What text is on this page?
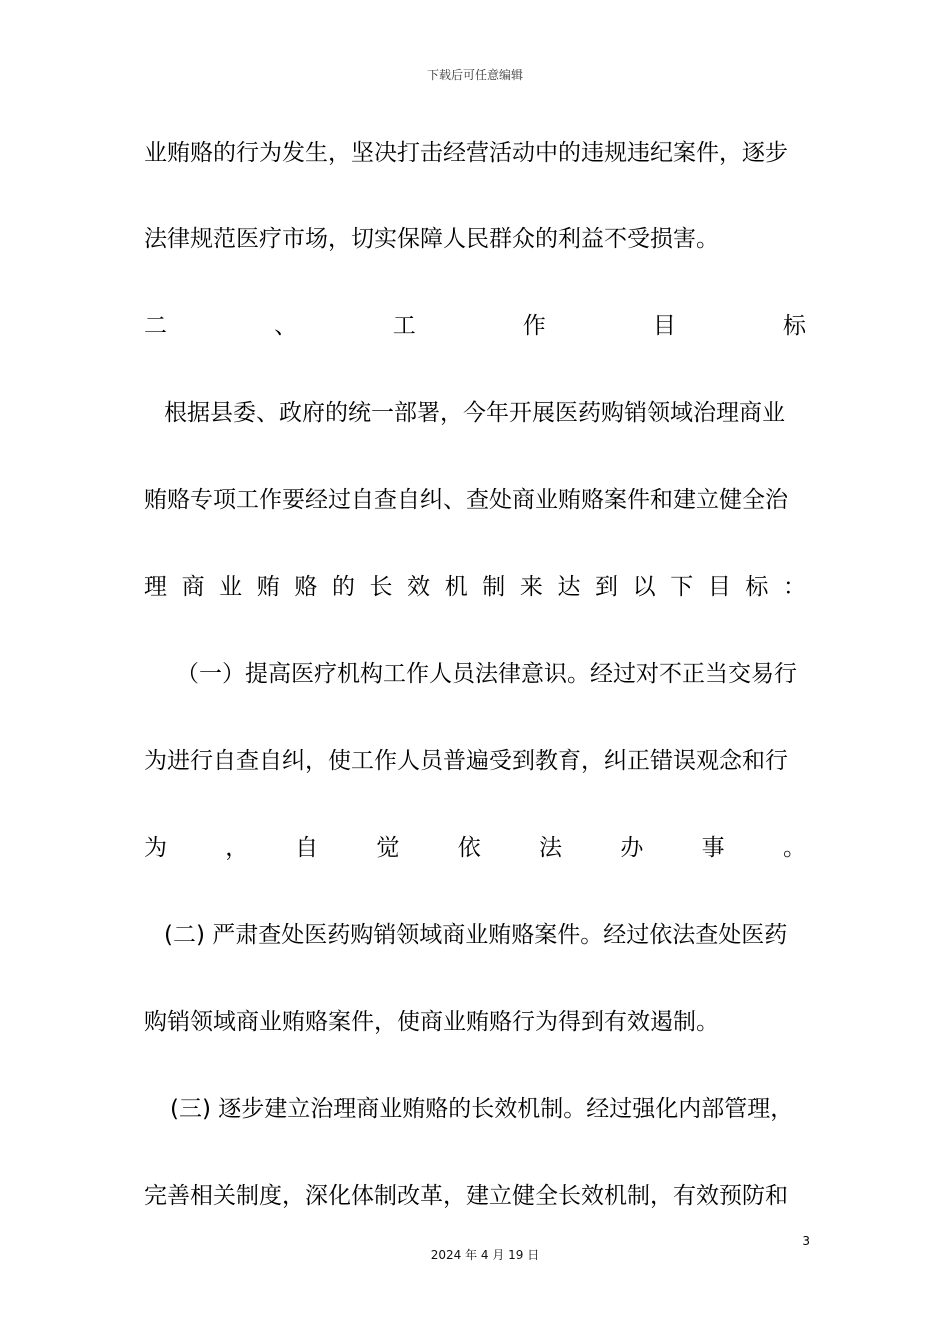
下载后可任意编辑
业贿赂的行为发生，坚决打击经营活动中的违规违纪案件，逐步
法律规范医疗市场，切实保障人民群众的利益不受损害。
二　　、　　工　　作　　目　　标
根据县委、政府的统一部署，今年开展医药购销领域治理商业
贿赂专项工作要经过自查自纠、查处商业贿赂案件和建立健全治
理商业贿赂的长效机制来达到以下目标：
（一）提高医疗机构工作人员法律意识。经过对不正当交易行
为进行自查自纠，使工作人员普遍受到教育，纠正错误观念和行
为　　，　　自　　觉　　依　　法　　办　　事　　。
(二) 严肃查处医药购销领域商业贿赂案件。经过依法查处医药
购销领域商业贿赂案件，使商业贿赂行为得到有效遏制。
(三) 逐步建立治理商业贿赂的长效机制。经过强化内部管理，
完善相关制度，深化体制改革，建立健全长效机制，有效预防和
3
2024 年 4 月 19 日
